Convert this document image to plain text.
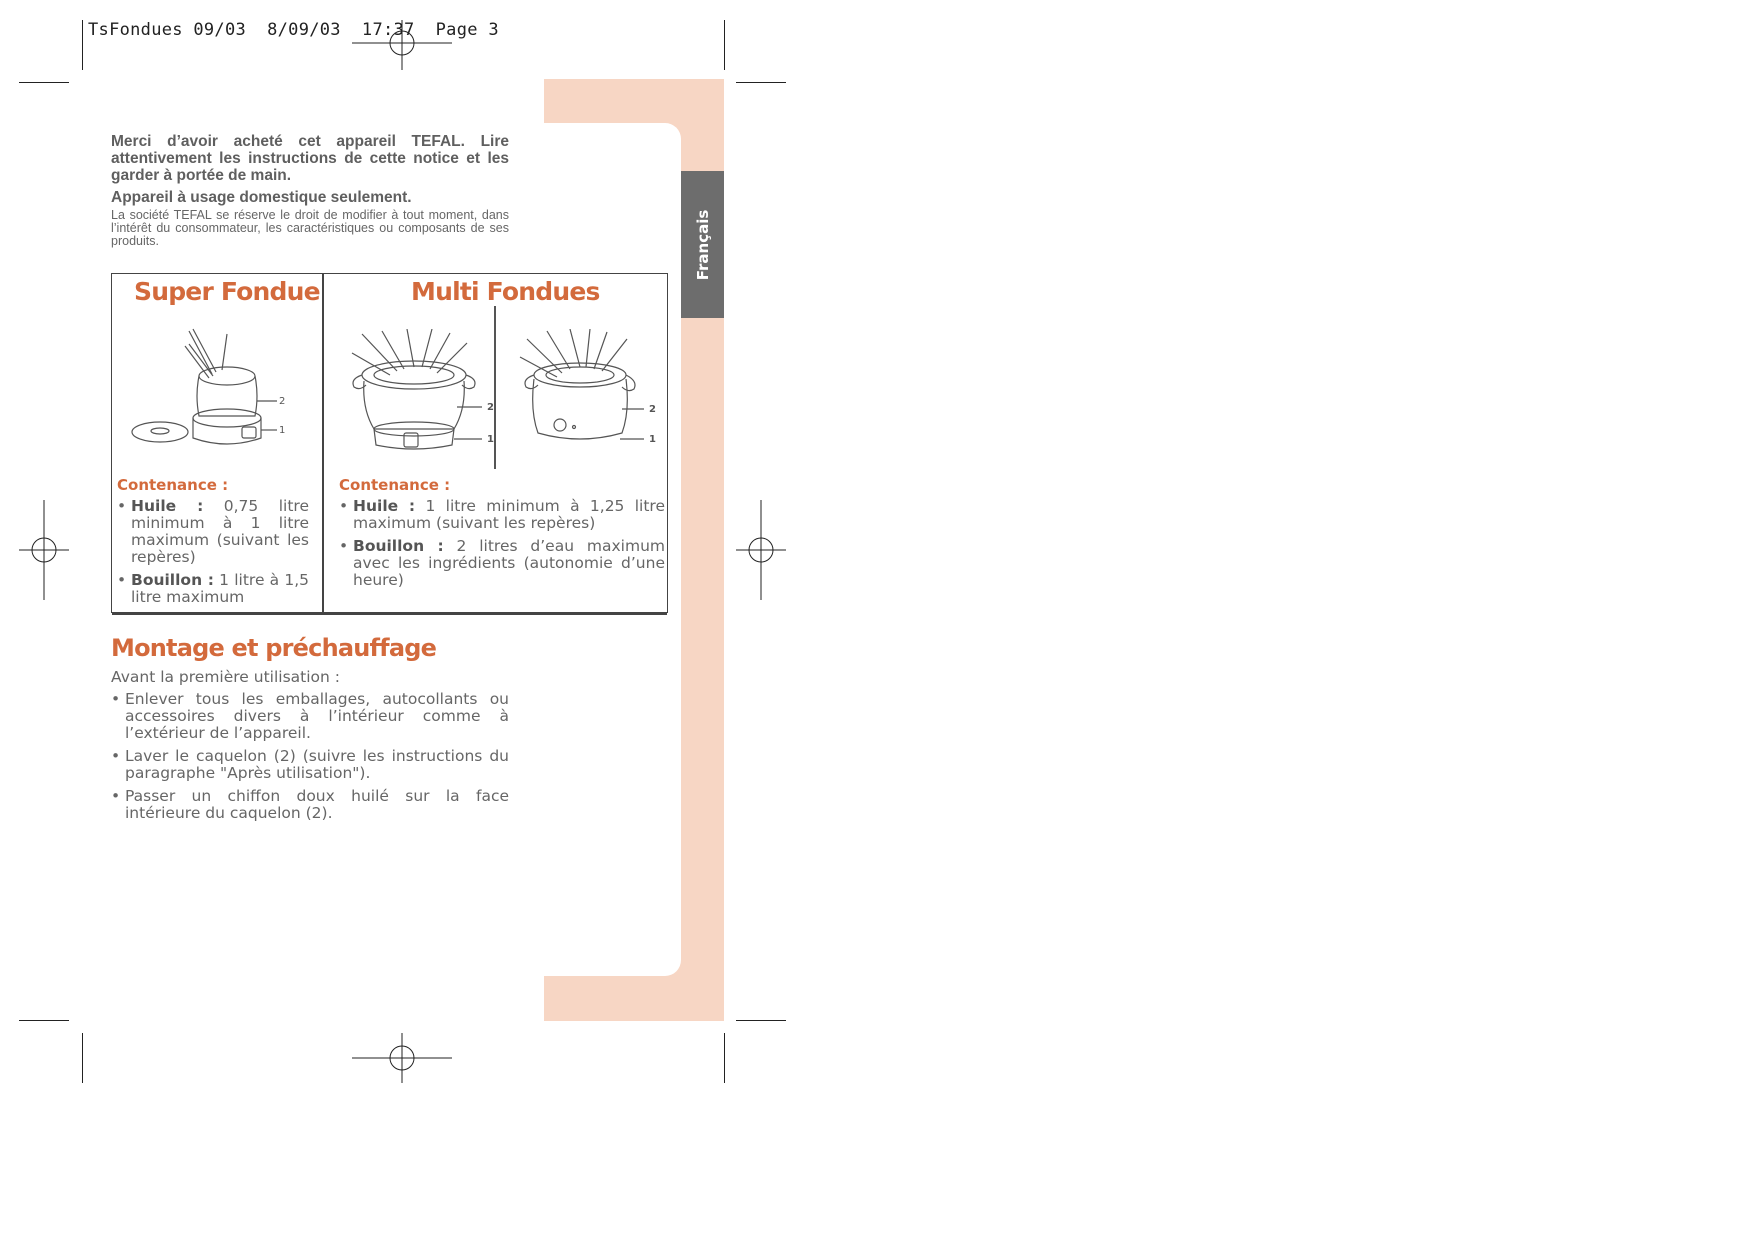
TsFondues 09/03  8/09/03  17:37  Page 3
Français
Merci d’avoir acheté cet appareil TEFAL. Lire attentivement les instructions de cette notice et les garder à portée de main.
Appareil à usage domestique seulement.
La société TEFAL se réserve le droit de modifier à tout moment, dans l’intérêt du consommateur, les caractéristiques ou composants de ses produits.
Super Fondue	Multi Fondues
2
1
2
1
2
1
Contenance :	Contenance :
• Huile : 0,75 litre minimum à 1 litre maximum (suivant les repères)
• Bouillon : 1 litre à 1,5 litre maximum
• Huile : 1 litre minimum à 1,25 litre maximum (suivant les repères)
• Bouillon : 2 litres d’eau maximum avec les ingrédients (autonomie d’une heure)
Montage et préchauffage
Avant la première utilisation :
• Enlever tous les emballages, autocollants ou accessoires divers à l’intérieur comme à l’extérieur de l’appareil.
• Laver le caquelon (2) (suivre les instructions du paragraphe "Après utilisation").
• Passer un chiffon doux huilé sur la face intérieure du caquelon (2).
